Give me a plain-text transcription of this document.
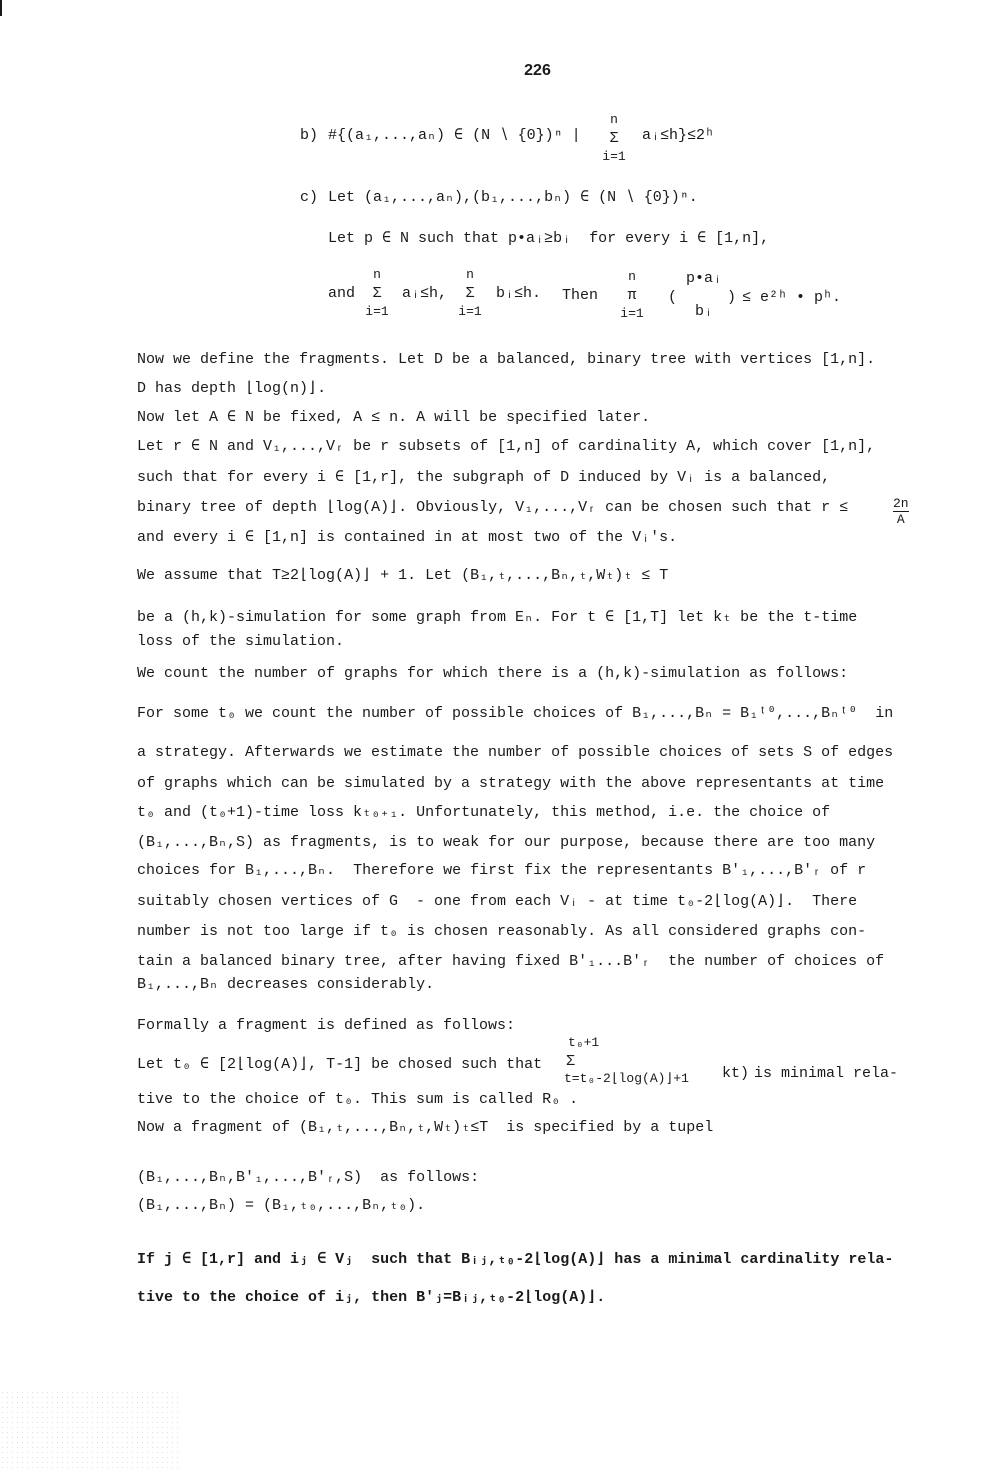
226
b) #{(a₁,...,aₙ) ∈ (N ∖ {0})ⁿ |
n
Σ
i=1
aᵢ≤h}≤2ʰ
c) Let (a₁,...,aₙ),(b₁,...,bₙ) ∈ (N ∖ {0})ⁿ.
Let p ∈ N such that p•aᵢ≥bᵢ  for every i ∈ [1,n],
and
n
Σ
i=1
aᵢ≤h,
n
Σ
i=1
bᵢ≤h. Then
n
π
i=1
(
p•aᵢ
bᵢ
) ≤ e²ʰ • pʰ.
Now we define the fragments. Let D be a balanced, binary tree with vertices [1,n].
D has depth ⌊log(n)⌋.
Now let A ∈ N be fixed, A ≤ n. A will be specified later.
Let r ∈ N and V₁,...,Vᵣ be r subsets of [1,n] of cardinality A, which cover [1,n],
such that for every i ∈ [1,r], the subgraph of D induced by Vᵢ is a balanced,
binary tree of depth ⌊log(A)⌋. Obviously, V₁,...,Vᵣ can be chosen such that r ≤	2n
A
and every i ∈ [1,n] is contained in at most two of the Vᵢ's.
We assume that T≥2⌊log(A)⌋ + 1. Let (B₁,ₜ,...,Bₙ,ₜ,Wₜ)ₜ ≤ T
be a (h,k)-simulation for some graph from Eₙ. For t ∈ [1,T] let kₜ be the t-time
loss of the simulation.
We count the number of graphs for which there is a (h,k)-simulation as follows:
For some t₀ we count the number of possible choices of B₁,...,Bₙ = B₁ᵗ⁰,...,Bₙᵗ⁰  in
a strategy. Afterwards we estimate the number of possible choices of sets S of edges
of graphs which can be simulated by a strategy with the above representants at time
t₀ and (t₀+1)-time loss kₜ₀₊₁. Unfortunately, this method, i.e. the choice of
(B₁,...,Bₙ,S) as fragments, is to weak for our purpose, because there are too many
choices for B₁,...,Bₙ.  Therefore we first fix the representants B'₁,...,B'ᵣ of r
suitably chosen vertices of G  - one from each Vᵢ - at time t₀-2⌊log(A)⌋.  There
number is not too large if t₀ is chosen reasonably. As all considered graphs con-
tain a balanced binary tree, after having fixed B'₁...B'ᵣ  the number of choices of
B₁,...,Bₙ decreases considerably.
Formally a fragment is defined as follows:
Let t₀ ∈ [2⌊log(A)⌋, T-1] be chosed such that
t₀+1
Σ
t=t₀-2⌊log(A)⌋+1 kt) is minimal rela-
tive to the choice of t₀. This sum is called R₀ .
Now a fragment of (B₁,ₜ,...,Bₙ,ₜ,Wₜ)ₜ≤T  is specified by a tupel
(B₁,...,Bₙ,B'₁,...,B'ᵣ,S)  as follows:
(B₁,...,Bₙ) = (B₁,ₜ₀,...,Bₙ,ₜ₀).
If j ∈ [1,r] and iⱼ ∈ Vⱼ  such that Bᵢⱼ,ₜ₀-2⌊log(A)⌋ has a minimal cardinality rela-
tive to the choice of iⱼ, then B'ⱼ=Bᵢⱼ,ₜ₀-2⌊log(A)⌋.
